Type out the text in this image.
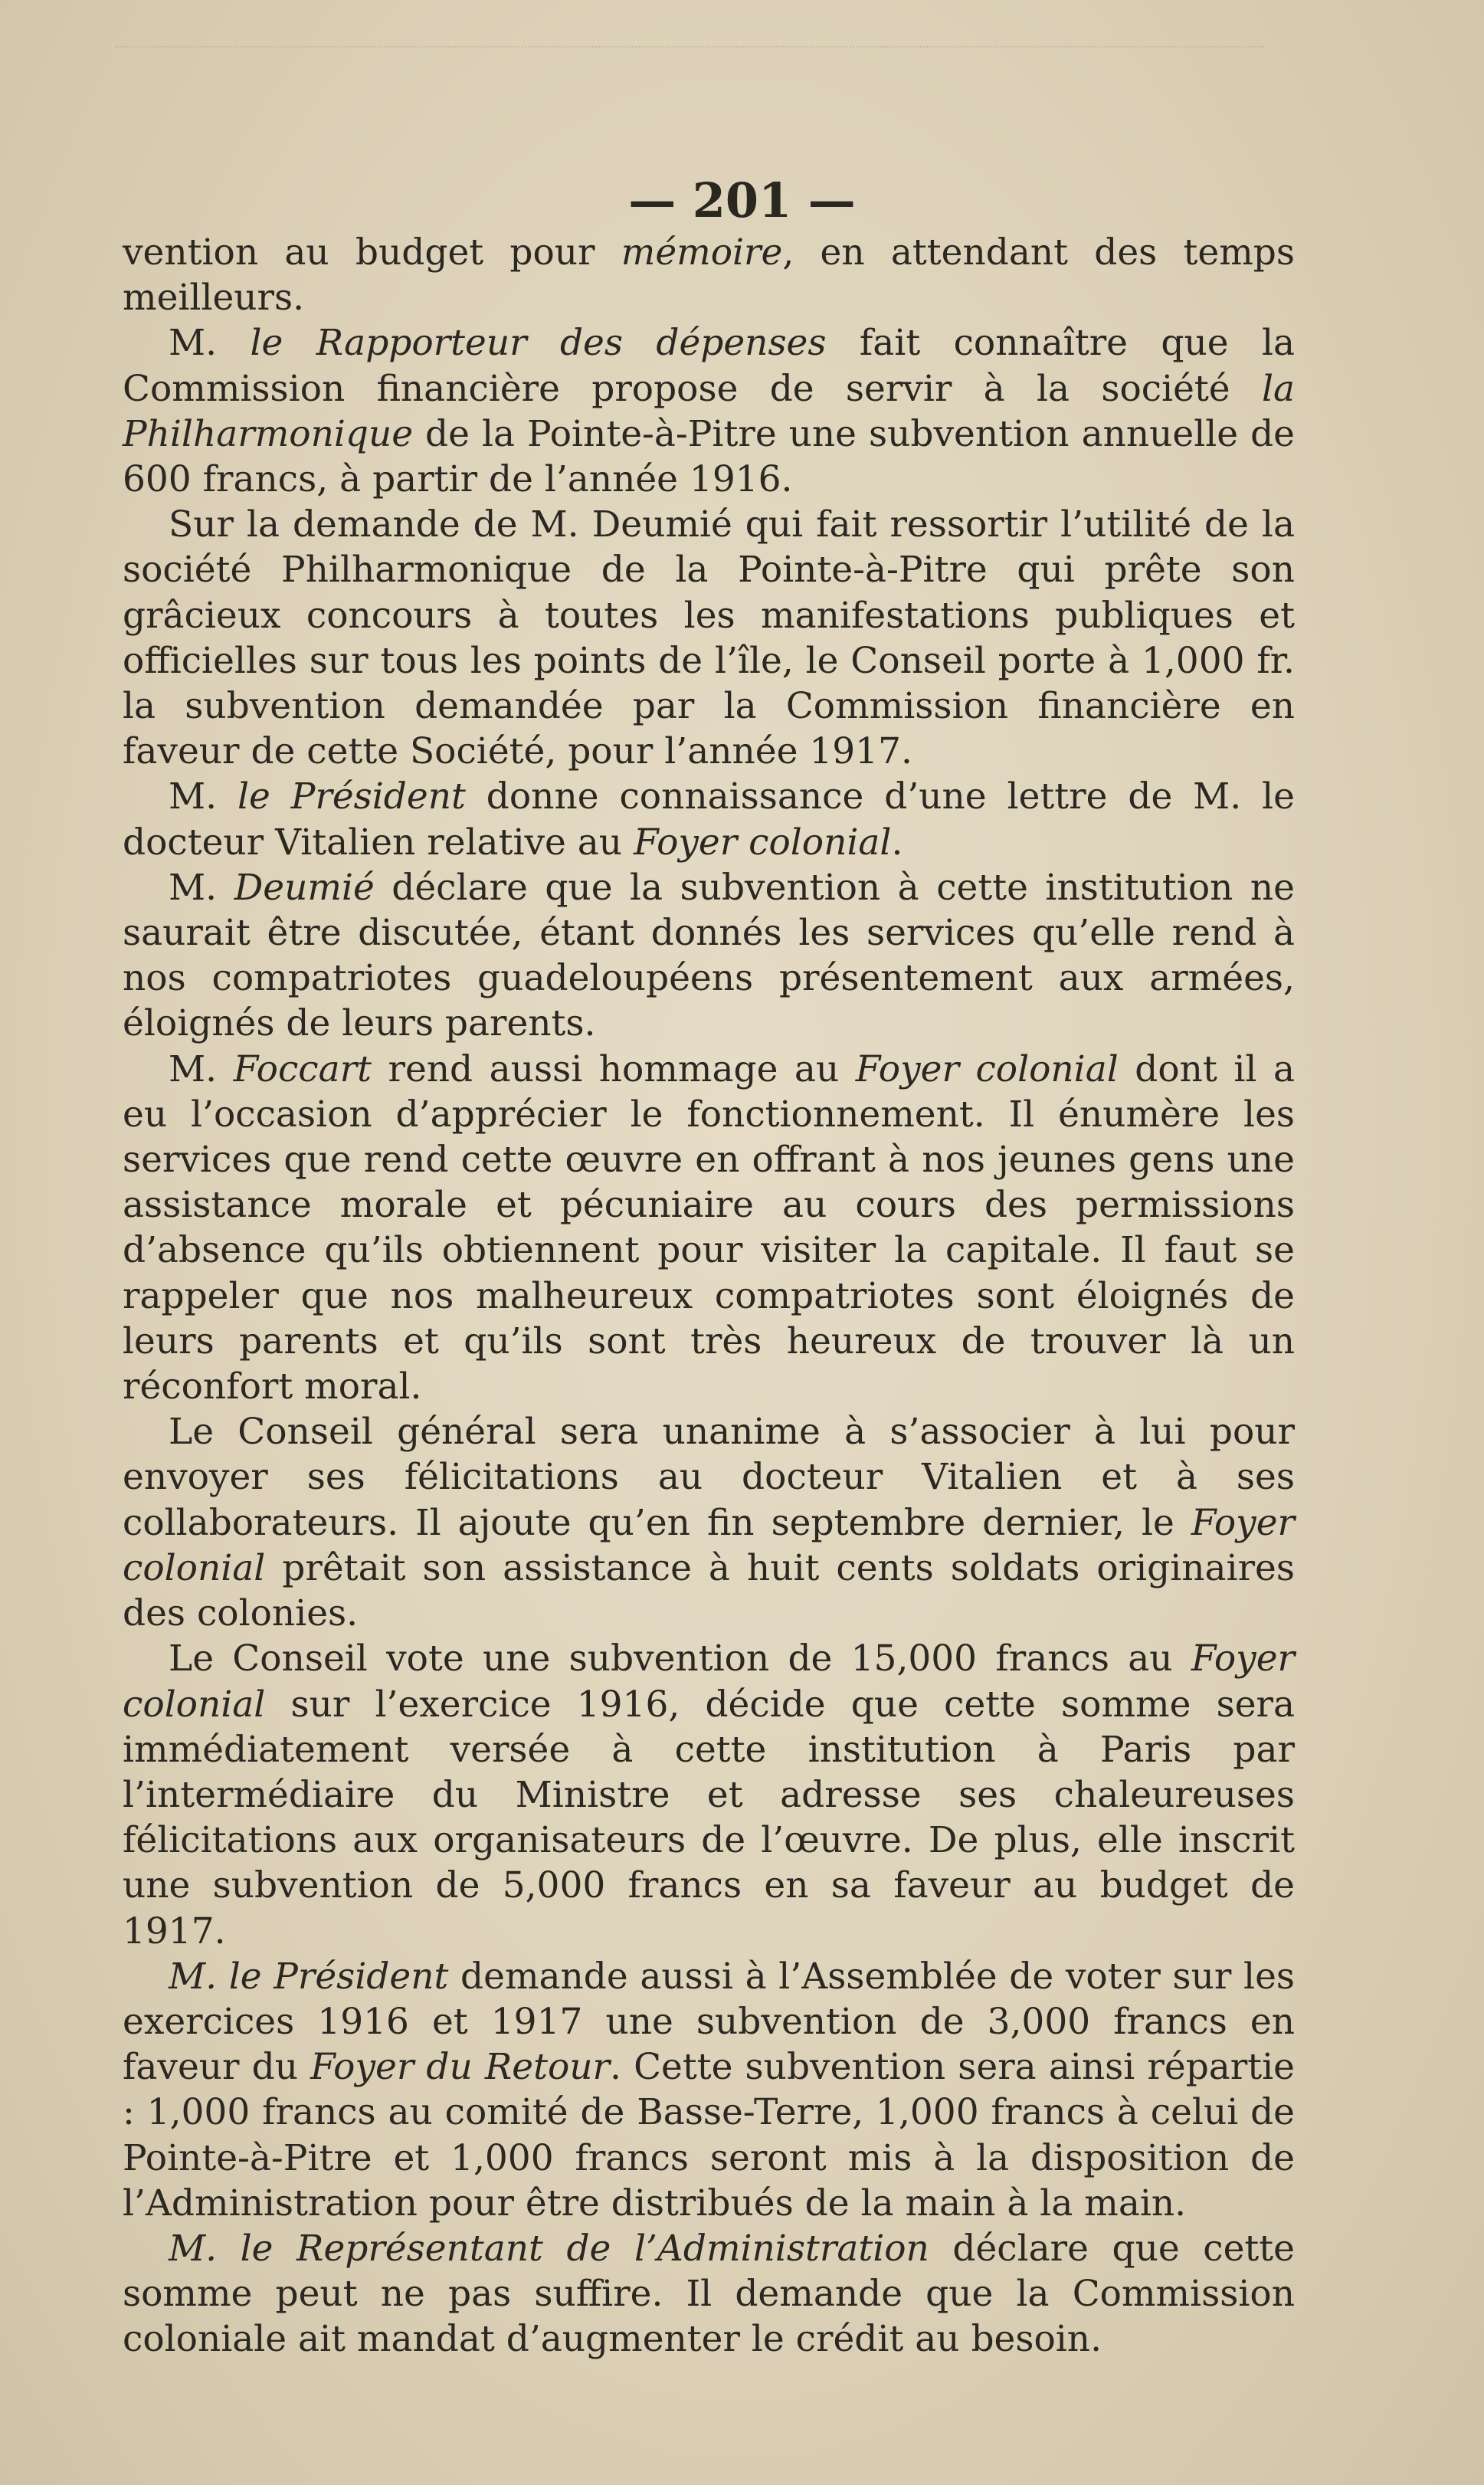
— 201 —

vention au budget pour mémoire, en attendant des temps meilleurs.

M. le Rapporteur des dépenses fait connaître que la Commission financière propose de servir à la société la Philharmonique de la Pointe-à-Pitre une subvention annuelle de 600 francs, à partir de l’année 1916.

Sur la demande de M. Deumié qui fait ressortir l’utilité de la société Philharmonique de la Pointe-à-Pitre qui prête son grâcieux concours à toutes les manifestations publiques et officielles sur tous les points de l’île, le Conseil porte à 1,000 fr. la subvention demandée par la Commission financière en faveur de cette Société, pour l’année 1917.

M. le Président donne connaissance d’une lettre de M. le docteur Vitalien relative au Foyer colonial.

M. Deumié déclare que la subvention à cette institution ne saurait être discutée, étant donnés les services qu’elle rend à nos compatriotes guadeloupéens présentement aux armées, éloignés de leurs parents.

M. Foccart rend aussi hommage au Foyer colonial dont il a eu l’occasion d’apprécier le fonctionnement. Il énumère les services que rend cette œuvre en offrant à nos jeunes gens une assistance morale et pécuniaire au cours des permissions d’absence qu’ils obtiennent pour visiter la capitale. Il faut se rappeler que nos malheureux compatriotes sont éloignés de leurs parents et qu’ils sont très heureux de trouver là un réconfort moral.

Le Conseil général sera unanime à s’associer à lui pour envoyer ses félicitations au docteur Vitalien et à ses collaborateurs. Il ajoute qu’en fin septembre dernier, le Foyer colonial prêtait son assistance à huit cents soldats originaires des colonies.

Le Conseil vote une subvention de 15,000 francs au Foyer colonial sur l’exercice 1916, décide que cette somme sera immédiatement versée à cette institution à Paris par l’intermédiaire du Ministre et adresse ses chaleureuses félicitations aux organisateurs de l’œuvre. De plus, elle inscrit une subvention de 5,000 francs en sa faveur au budget de 1917.

M. le Président demande aussi à l’Assemblée de voter sur les exercices 1916 et 1917 une subvention de 3,000 francs en faveur du Foyer du Retour. Cette subvention sera ainsi répartie : 1,000 francs au comité de Basse-Terre, 1,000 francs à celui de Pointe-à-Pitre et 1,000 francs seront mis à la disposition de l’Administration pour être distribués de la main à la main.

M. le Représentant de l’Administration déclare que cette somme peut ne pas suffire. Il demande que la Commission coloniale ait mandat d’augmenter le crédit au besoin.
